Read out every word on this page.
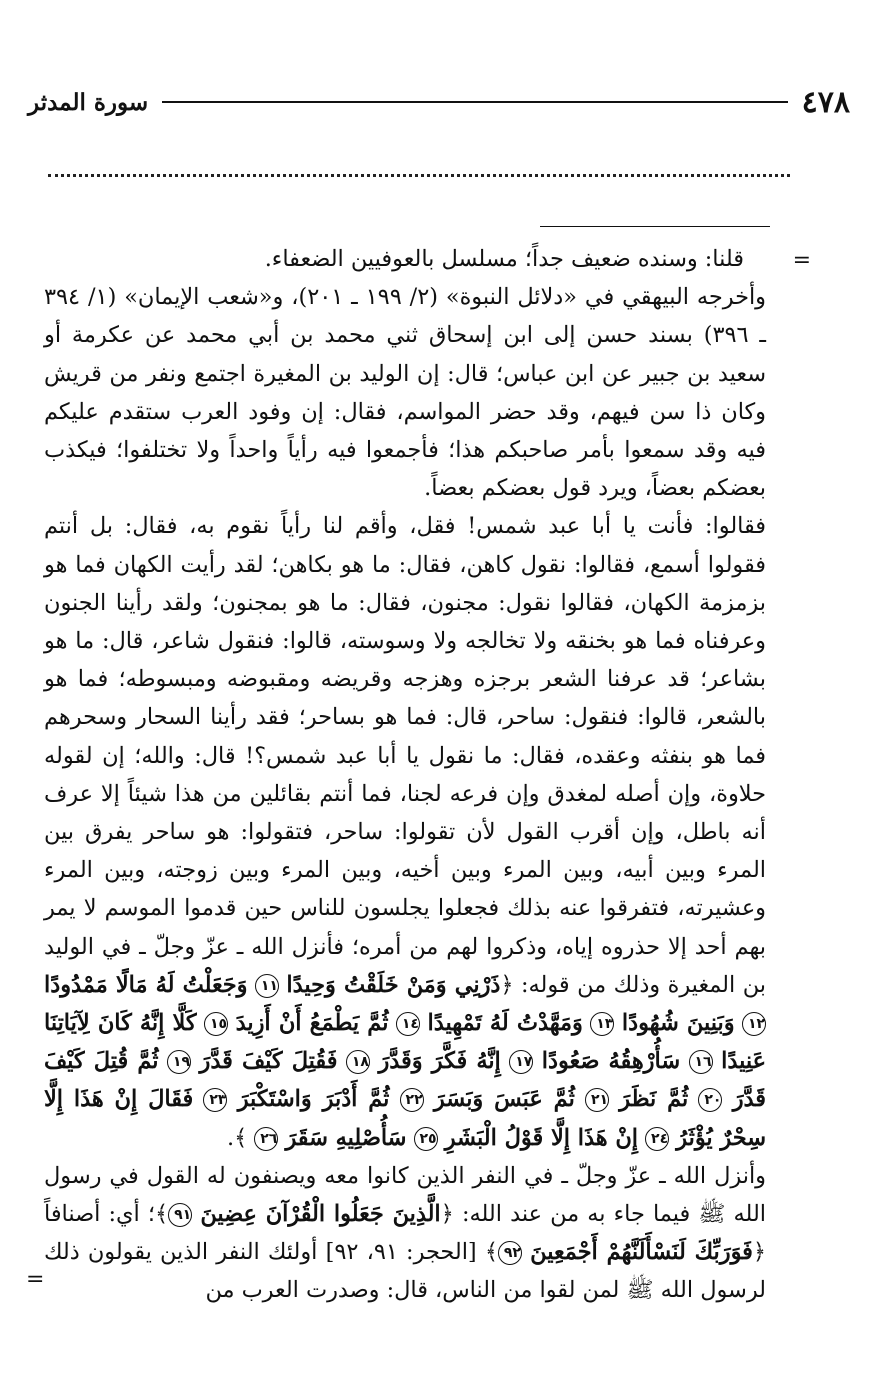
٤٧٨
سورة المدثر
=
=

قلنا: وسنده ضعيف جداً؛ مسلسل بالعوفيين الضعفاء.

وأخرجه البيهقي في «دلائل النبوة» (٢/ ١٩٩ ـ ٢٠١)، و«شعب الإيمان» (١/ ٣٩٤ ـ ٣٩٦) بسند حسن إلى ابن إسحاق ثني محمد بن أبي محمد عن عكرمة أو سعيد بن جبير عن ابن عباس؛ قال: إن الوليد بن المغيرة اجتمع ونفر من قريش وكان ذا سن فيهم، وقد حضر المواسم، فقال: إن وفود العرب ستقدم عليكم فيه وقد سمعوا بأمر صاحبكم هذا؛ فأجمعوا فيه رأياً واحداً ولا تختلفوا؛ فيكذب بعضكم بعضاً، ويرد قول بعضكم بعضاً.

فقالوا: فأنت يا أبا عبد شمس! فقل، وأقم لنا رأياً نقوم به، فقال: بل أنتم فقولوا أسمع، فقالوا: نقول كاهن، فقال: ما هو بكاهن؛ لقد رأيت الكهان فما هو بزمزمة الكهان، فقالوا نقول: مجنون، فقال: ما هو بمجنون؛ ولقد رأينا الجنون وعرفناه فما هو بخنقه ولا تخالجه ولا وسوسته، قالوا: فنقول شاعر، قال: ما هو بشاعر؛ قد عرفنا الشعر برجزه وهزجه وقريضه ومقبوضه ومبسوطه؛ فما هو بالشعر، قالوا: فنقول: ساحر، قال: فما هو بساحر؛ فقد رأينا السحار وسحرهم فما هو بنفثه وعقده، فقال: ما نقول يا أبا عبد شمس؟! قال: والله؛ إن لقوله حلاوة، وإن أصله لمغدق وإن فرعه لجنا، فما أنتم بقائلين من هذا شيئاً إلا عرف أنه باطل، وإن أقرب القول لأن تقولوا: ساحر، فتقولوا: هو ساحر يفرق بين المرء وبين أبيه، وبين المرء وبين أخيه، وبين المرء وبين زوجته، وبين المرء وعشيرته، فتفرقوا عنه بذلك فجعلوا يجلسون للناس حين قدموا الموسم لا يمر بهم أحد إلا حذروه إياه، وذكروا لهم من أمره؛ فأنزل الله ـ عزّ وجلّ ـ في الوليد بن المغيرة وذلك من قوله: ﴿ذَرْنِي وَمَنْ خَلَقْتُ وَحِيدًا ١١ وَجَعَلْتُ لَهُ مَالًا مَمْدُودًا ١٢ وَبَنِينَ شُهُودًا ١٣ وَمَهَّدْتُ لَهُ تَمْهِيدًا ١٤ ثُمَّ يَطْمَعُ أَنْ أَزِيدَ ١٥ كَلَّا إِنَّهُ كَانَ لِآيَاتِنَا عَنِيدًا ١٦ سَأُرْهِقُهُ صَعُودًا ١٧ إِنَّهُ فَكَّرَ وَقَدَّرَ ١٨ فَقُتِلَ كَيْفَ قَدَّرَ ١٩ ثُمَّ قُتِلَ كَيْفَ قَدَّرَ ٢٠ ثُمَّ نَظَرَ ٢١ ثُمَّ عَبَسَ وَبَسَرَ ٢٢ ثُمَّ أَدْبَرَ وَاسْتَكْبَرَ ٢٣ فَقَالَ إِنْ هَذَا إِلَّا سِحْرٌ يُؤْثَرُ ٢٤ إِنْ هَذَا إِلَّا قَوْلُ الْبَشَرِ ٢٥ سَأُصْلِيهِ سَقَرَ ٢٦ ﴾.

وأنزل الله ـ عزّ وجلّ ـ في النفر الذين كانوا معه ويصنفون له القول في رسول الله ﷺ فيما جاء به من عند الله: ﴿الَّذِينَ جَعَلُوا الْقُرْآنَ عِضِينَ ٩١﴾؛ أي: أصنافاً ﴿فَوَرَبِّكَ لَنَسْأَلَنَّهُمْ أَجْمَعِينَ ٩٢﴾ [الحجر: ٩١، ٩٢] أولئك النفر الذين يقولون ذلك لرسول الله ﷺ لمن لقوا من الناس، قال: وصدرت العرب من
